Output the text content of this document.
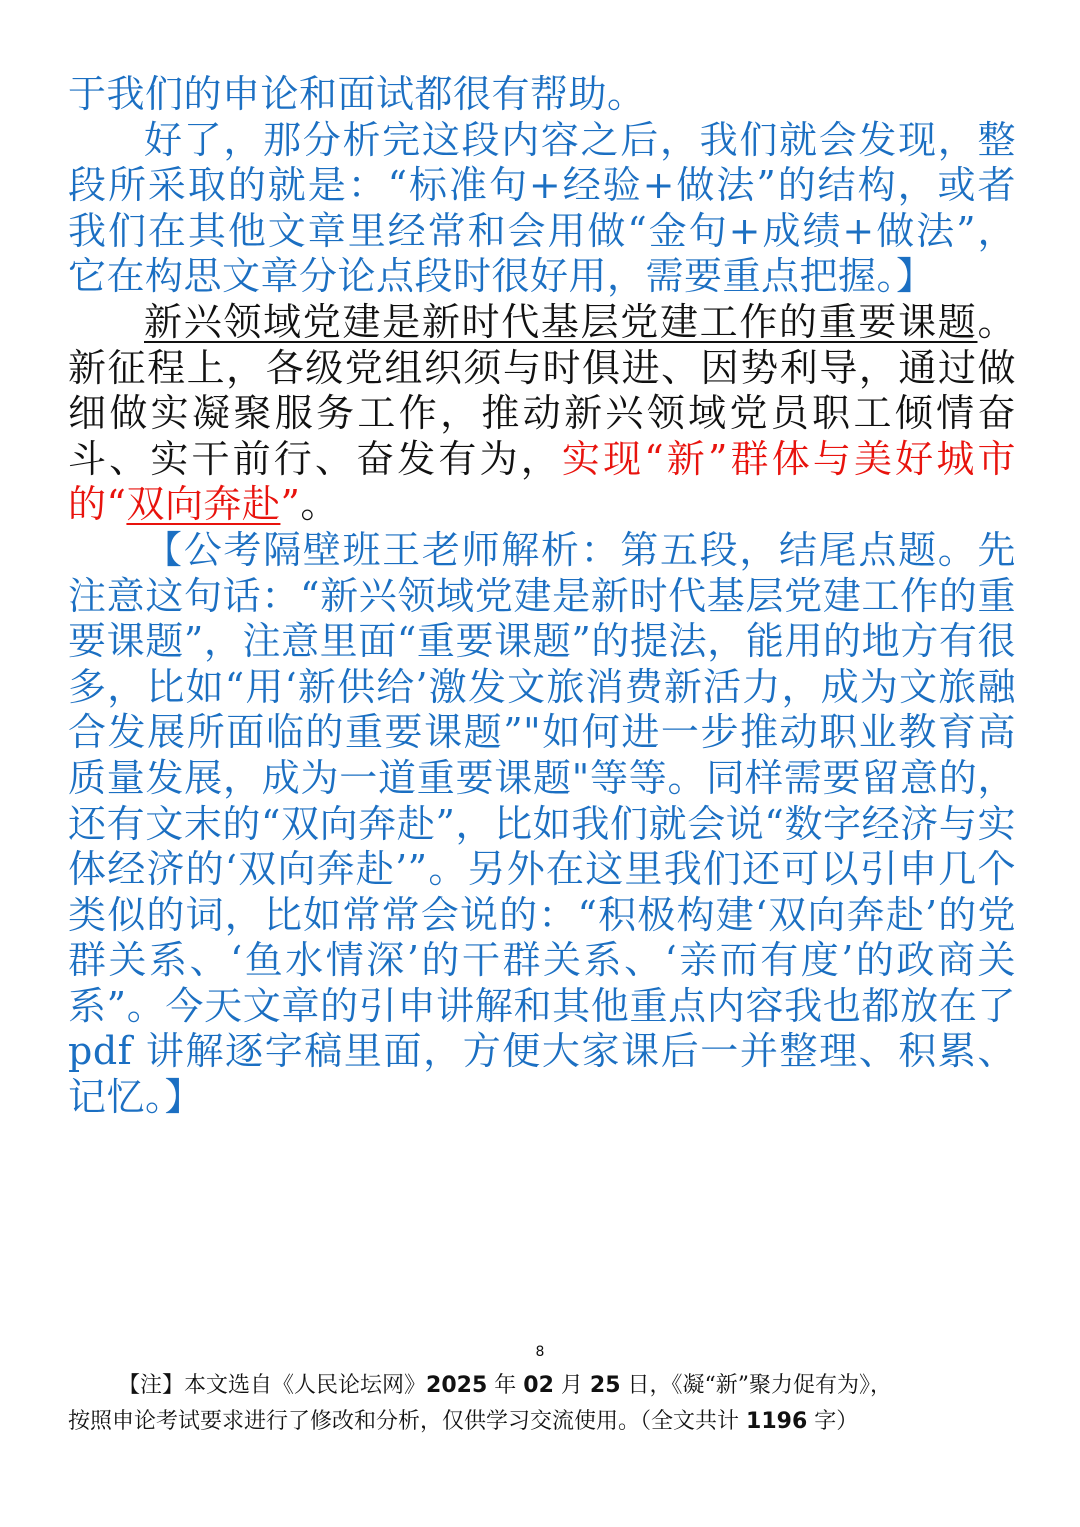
于我们的申论和面试都很有帮助。

好了，那分析完这段内容之后，我们就会发现，整段所采取的就是：“标准句+经验+做法”的结构，或者我们在其他文章里经常和会用做“金句+成绩+做法”，它在构思文章分论点段时很好用，需要重点把握。】

新兴领域党建是新时代基层党建工作的重要课题。新征程上，各级党组织须与时俱进、因势利导，通过做细做实凝聚服务工作，推动新兴领域党员职工倾情奋斗、实干前行、奋发有为，实现“新”群体与美好城市的“双向奔赴”。

【公考隔壁班王老师解析：第五段，结尾点题。先注意这句话：“新兴领域党建是新时代基层党建工作的重要课题”，注意里面“重要课题”的提法，能用的地方有很多，比如“用‘新供给’激发文旅消费新活力，成为文旅融合发展所面临的重要课题”"如何进一步推动职业教育高质量发展，成为一道重要课题"等等。同样需要留意的，还有文末的“双向奔赴”，比如我们就会说“数字经济与实体经济的‘双向奔赴’”。另外在这里我们还可以引申几个类似的词，比如常常会说的：“积极构建‘双向奔赴’的党群关系、‘鱼水情深’的干群关系、‘亲而有度’的政商关系”。今天文章的引申讲解和其他重点内容我也都放在了 pdf 讲解逐字稿里面，方便大家课后一并整理、积累、记忆。】

8
【注】本文选自《人民论坛网》2025 年 02 月 25 日，《凝“新”聚力促有为》，
按照申论考试要求进行了修改和分析，仅供学习交流使用。（全文共计 1196 字）
